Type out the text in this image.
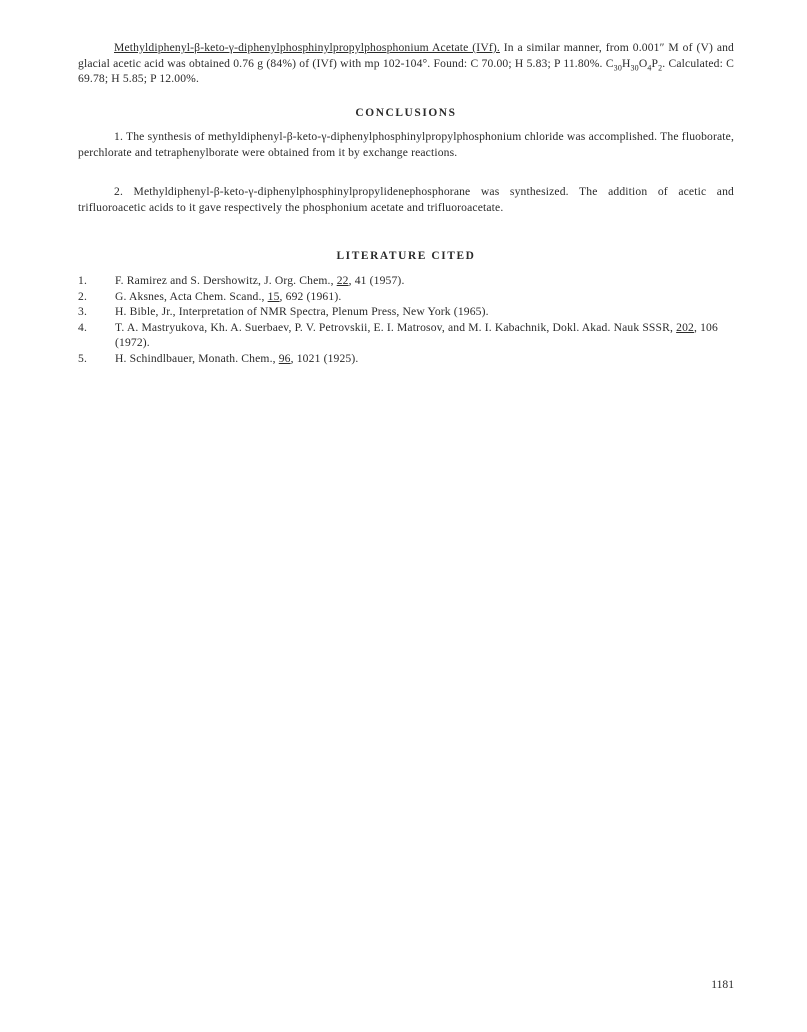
Methyldiphenyl-β-keto-γ-diphenylphosphinylpropylphosphonium Acetate (IVf). In a similar manner, from 0.001″ M of (V) and glacial acetic acid was obtained 0.76 g (84%) of (IVf) with mp 102-104°. Found: C 70.00; H 5.83; P 11.80%. $C_{30}H_{30}O_4P_2$. Calculated: C 69.78; H 5.85; P 12.00%.

CONCLUSIONS

1. The synthesis of methyldiphenyl-β-keto-γ-diphenylphosphinylpropylphosphonium chloride was accomplished. The fluoborate, perchlorate and tetraphenylborate were obtained from it by exchange reactions.

2. Methyldiphenyl-β-keto-γ-diphenylphosphinylpropylidenephosphorane was synthesized. The addition of acetic and trifluoroacetic acids to it gave respectively the phosphonium acetate and trifluoroacetate.

LITERATURE CITED
1. F. Ramirez and S. Dershowitz, J. Org. Chem., 22, 41 (1957).
2. G. Aksnes, Acta Chem. Scand., 15, 692 (1961).
3. H. Bible, Jr., Interpretation of NMR Spectra, Plenum Press, New York (1965).
4. T. A. Mastryukova, Kh. A. Suerbaev, P. V. Petrovskii, E. I. Matrosov, and M. I. Kabachnik, Dokl. Akad. Nauk SSSR, 202, 106 (1972).
5. H. Schindlbauer, Monath. Chem., 96, 1021 (1925).
1181
